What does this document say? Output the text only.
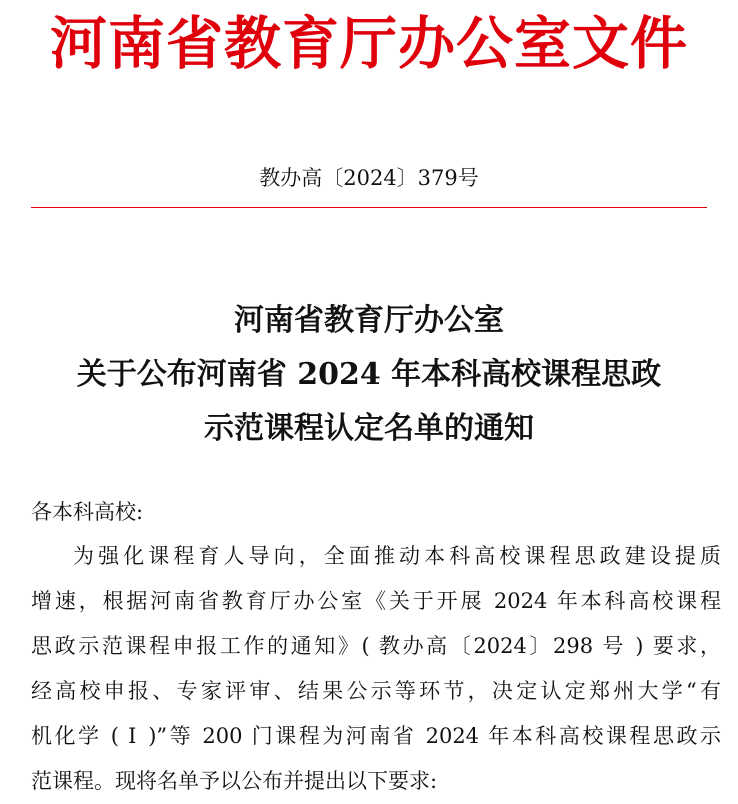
河南省教育厅办公室文件
教办高〔2024〕379号
河南省教育厅办公室
关于公布河南省 2024 年本科高校课程思政
示范课程认定名单的通知
各本科高校:
为强化课程育人导向，全面推动本科高校课程思政建设提质
增速，根据河南省教育厅办公室《关于开展 2024 年本科高校课程
思政示范课程申报工作的通知》( 教办高〔2024〕298 号 ) 要求，
经高校申报、专家评审、结果公示等环节，决定认定郑州大学“有
机化学 ( Ⅰ )”等 200 门课程为河南省 2024 年本科高校课程思政示
范课程。现将名单予以公布并提出以下要求:
